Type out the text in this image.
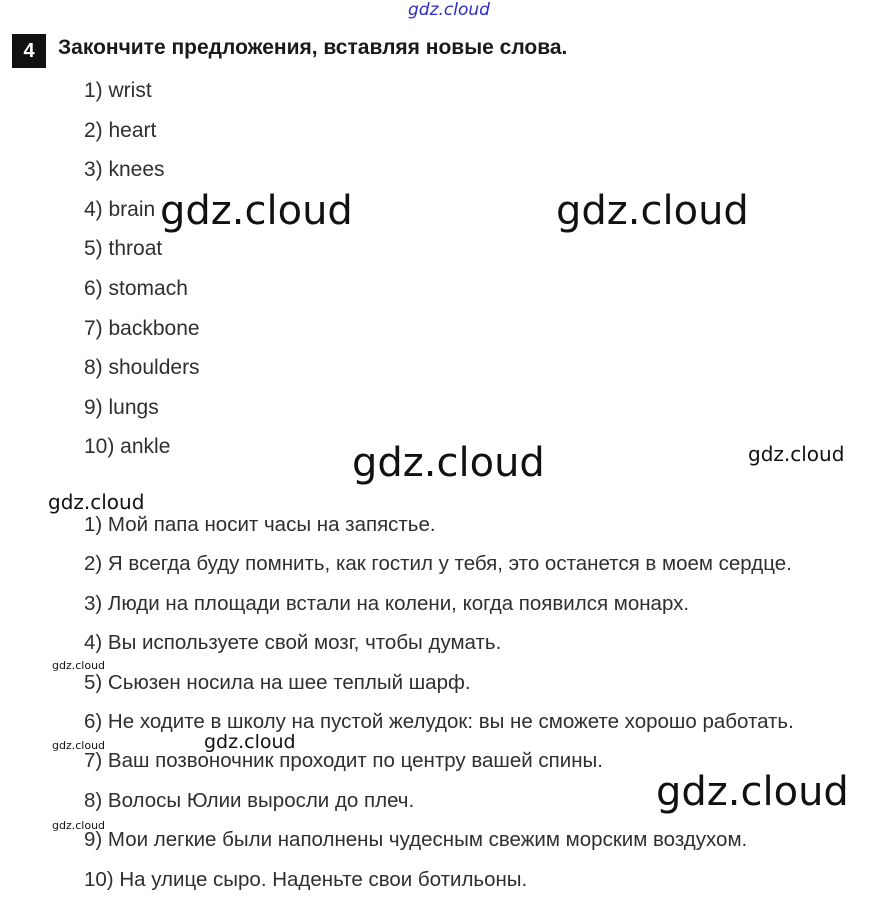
gdz.cloud
4	Закончите предложения, вставляя новые слова.
1) wrist
2) heart
3) knees
4) brain
5) throat
6) stomach
7) backbone
8) shoulders
9) lungs
10) ankle
1) Мой папа носит часы на запястье.
2) Я всегда буду помнить, как гостил у тебя, это останется в моем сердце.
3) Люди на площади встали на колени, когда появился монарх.
4) Вы используете свой мозг, чтобы думать.
5) Сьюзен носила на шее теплый шарф.
6) Не ходите в школу на пустой желудок: вы не сможете хорошо работать.
7) Ваш позвоночник проходит по центру вашей спины.
8) Волосы Юлии выросли до плеч.
9) Мои легкие были наполнены чудесным свежим морским воздухом.
10) На улице сыро. Наденьте свои ботильоны.
gdz.cloud	gdz.cloud
gdz.cloud	gdz.cloud
gdz.cloud
gdz.cloud
gdz.cloud	gdz.cloud
gdz.cloud
gdz.cloud
